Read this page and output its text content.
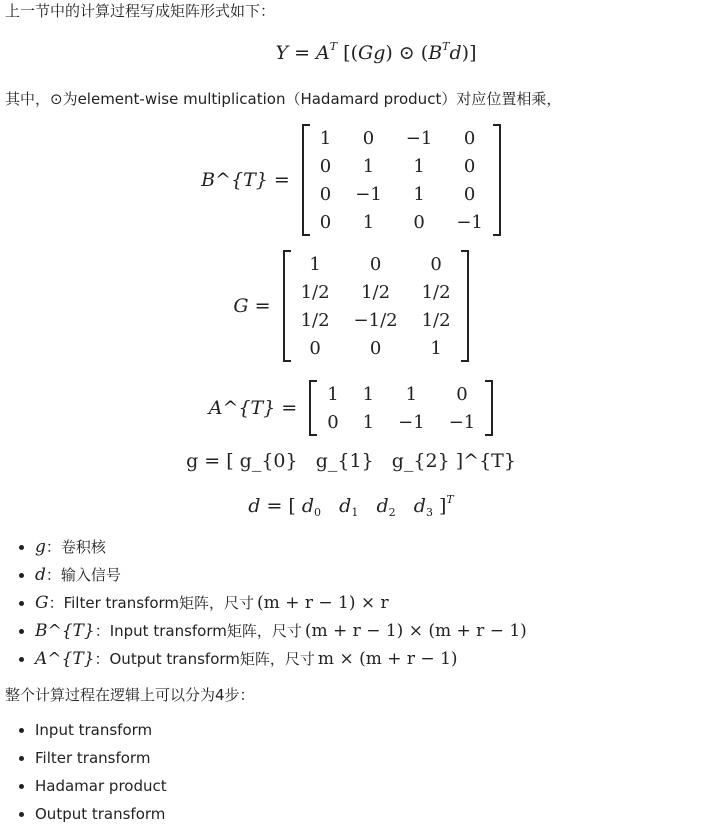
上一节中的计算过程写成矩阵形式如下：
$Y = A^T$ [(Gg) ⊙ $(B^Td)$]
其中，⊙为element-wise multiplication（Hadamard product）对应位置相乘，
B^{T} =
1	0	−1	0
0	1	1	0
0	−1	1	0
0	1	0	−1
G =
1	0	0
1/2	1/2	1/2
1/2	−1/2	1/2
0	0	1
A^{T} =
1	1	1	0
0	1	−1	−1
g = [ g_{0}   g_{1}   g_{2} ]^{T}
d = [ $d_0$ $d_1$ $d_2$ $d_3$ ]$^T$
• g：卷积核
• d：输入信号
• G：Filter transform矩阵，尺寸 (m + r − 1) × r
• B^{T}：Input transform矩阵，尺寸 (m + r − 1) × (m + r − 1)
• A^{T}：Output transform矩阵，尺寸 m × (m + r − 1)
整个计算过程在逻辑上可以分为4步：
• Input transform
• Filter transform
• Hadamar product
• Output transform
